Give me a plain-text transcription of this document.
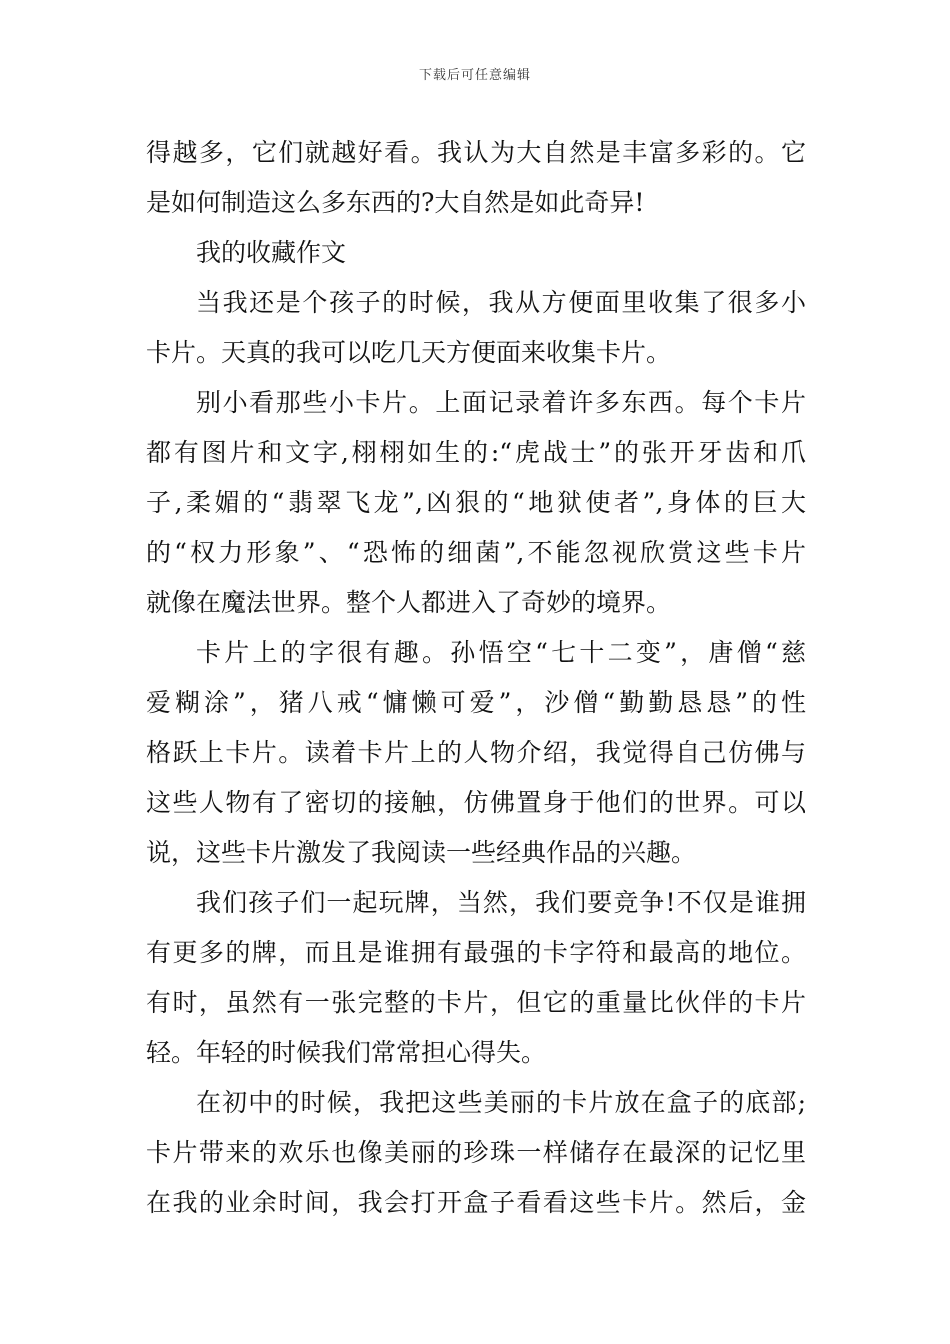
下载后可任意编辑
得越多，它们就越好看。我认为大自然是丰富多彩的。它
是如何制造这么多东西的?大自然是如此奇异!
我的收藏作文
当我还是个孩子的时候，我从方便面里收集了很多小
卡片。天真的我可以吃几天方便面来收集卡片。
别小看那些小卡片。上面记录着许多东西。每个卡片
都有图片和文字,栩栩如生的:“虎战士”的张开牙齿和爪
子,柔媚的“翡翠飞龙”,凶狠的“地狱使者”,身体的巨大
的“权力形象”、“恐怖的细菌”,不能忽视欣赏这些卡片
就像在魔法世界。整个人都进入了奇妙的境界。
卡片上的字很有趣。孙悟空“七十二变”，唐僧“慈
爱糊涂”，猪八戒“慵懒可爱”，沙僧“勤勤恳恳”的性
格跃上卡片。读着卡片上的人物介绍，我觉得自己仿佛与
这些人物有了密切的接触，仿佛置身于他们的世界。可以
说，这些卡片激发了我阅读一些经典作品的兴趣。
我们孩子们一起玩牌，当然，我们要竞争!不仅是谁拥
有更多的牌，而且是谁拥有最强的卡字符和最高的地位。
有时，虽然有一张完整的卡片，但它的重量比伙伴的卡片
轻。年轻的时候我们常常担心得失。
在初中的时候，我把这些美丽的卡片放在盒子的底部;
卡片带来的欢乐也像美丽的珍珠一样储存在最深的记忆里
在我的业余时间，我会打开盒子看看这些卡片。然后，金
